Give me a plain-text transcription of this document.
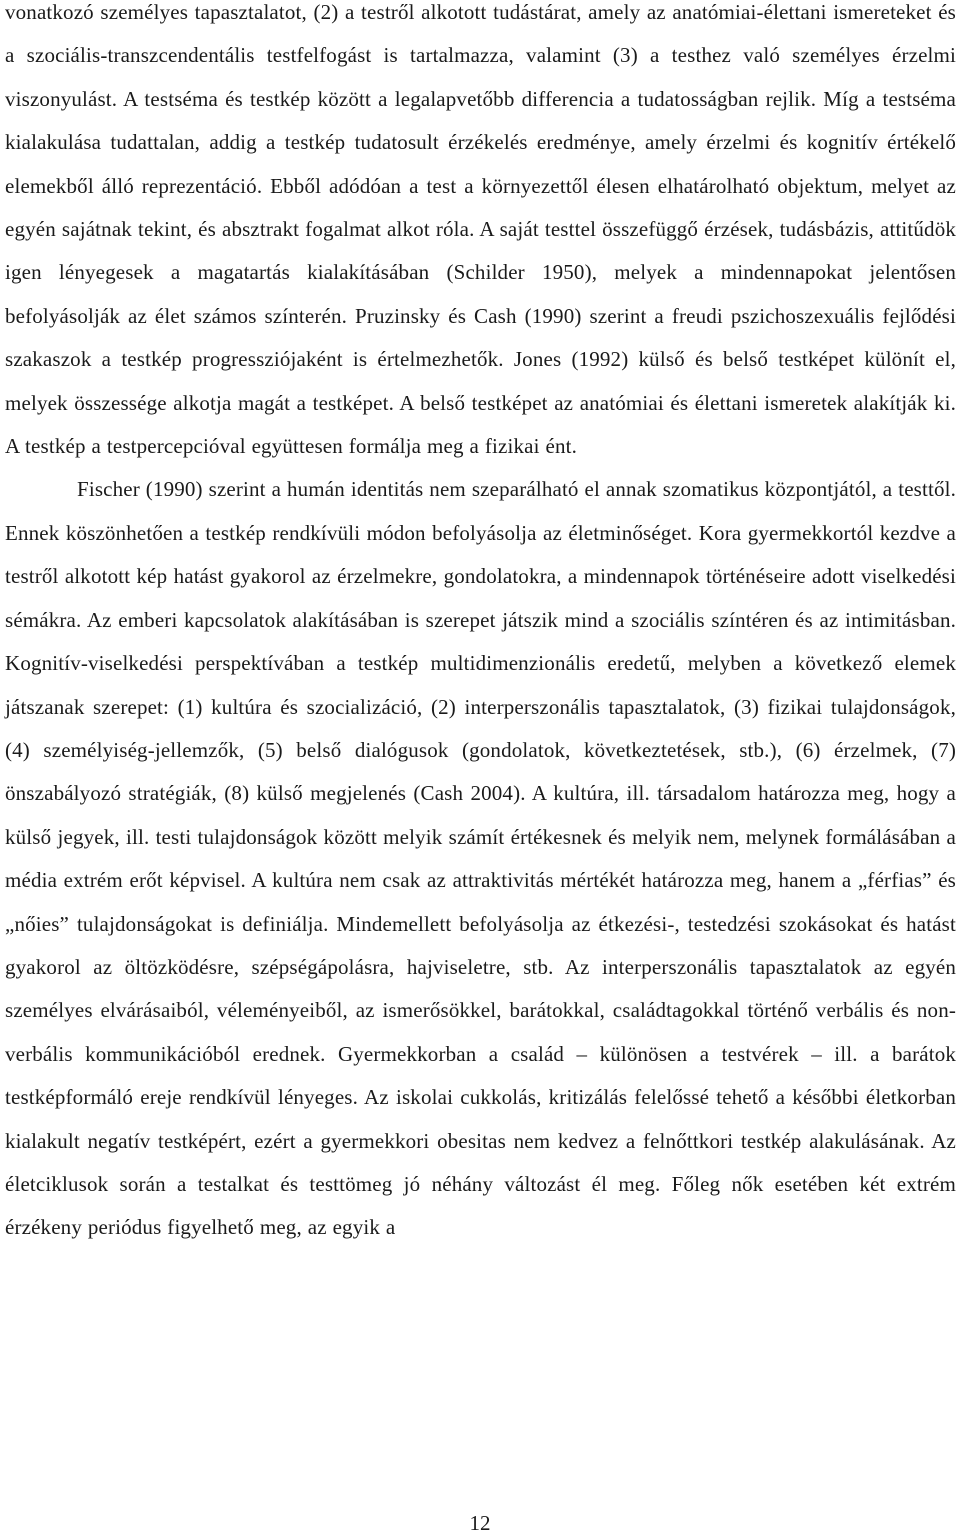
vonatkozó személyes tapasztalatot, (2) a testről alkotott tudástárat, amely az anatómiai-élettani ismereteket és a szociális-transzcendentális testfelfogást is tartalmazza, valamint (3) a testhez való személyes érzelmi viszonyulást. A testséma és testkép között a legalapvetőbb differencia a tudatosságban rejlik. Míg a testséma kialakulása tudattalan, addig a testkép tudatosult érzékelés eredménye, amely érzelmi és kognitív értékelő elemekből álló reprezentáció. Ebből adódóan a test a környezettől élesen elhatárolható objektum, melyet az egyén sajátnak tekint, és absztrakt fogalmat alkot róla. A saját testtel összefüggő érzések, tudásbázis, attitűdök igen lényegesek a magatartás kialakításában (Schilder 1950), melyek a mindennapokat jelentősen befolyásolják az élet számos színterén. Pruzinsky és Cash (1990) szerint a freudi pszichoszexuális fejlődési szakaszok a testkép progressziójaként is értelmezhetők. Jones (1992) külső és belső testképet különít el, melyek összessége alkotja magát a testképet. A belső testképet az anatómiai és élettani ismeretek alakítják ki. A testkép a testpercepcióval együttesen formálja meg a fizikai ént.

Fischer (1990) szerint a humán identitás nem szeparálható el annak szomatikus központjától, a testtől. Ennek köszönhetően a testkép rendkívüli módon befolyásolja az életminőséget. Kora gyermekkortól kezdve a testről alkotott kép hatást gyakorol az érzelmekre, gondolatokra, a mindennapok történéseire adott viselkedési sémákra. Az emberi kapcsolatok alakításában is szerepet játszik mind a szociális színtéren és az intimitásban. Kognitív-viselkedési perspektívában a testkép multidimenzionális eredetű, melyben a következő elemek játszanak szerepet: (1) kultúra és szocializáció, (2) interperszonális tapasztalatok, (3) fizikai tulajdonságok, (4) személyiség-jellemzők, (5) belső dialógusok (gondolatok, következtetések, stb.), (6) érzelmek, (7) önszabályozó stratégiák, (8) külső megjelenés (Cash 2004). A kultúra, ill. társadalom határozza meg, hogy a külső jegyek, ill. testi tulajdonságok között melyik számít értékesnek és melyik nem, melynek formálásában a média extrém erőt képvisel. A kultúra nem csak az attraktivitás mértékét határozza meg, hanem a „férfias” és „nőies” tulajdonságokat is definiálja. Mindemellett befolyásolja az étkezési-, testedzési szokásokat és hatást gyakorol az öltözködésre, szépségápolásra, hajviseletre, stb. Az interperszonális tapasztalatok az egyén személyes elvárásaiból, véleményeiből, az ismerősökkel, barátokkal, családtagokkal történő verbális és non-verbális kommunikációból erednek. Gyermekkorban a család – különösen a testvérek – ill. a barátok testképformáló ereje rendkívül lényeges. Az iskolai cukkolás, kritizálás felelőssé tehető a későbbi életkorban kialakult negatív testképért, ezért a gyermekkori obesitas nem kedvez a felnőttkori testkép alakulásának. Az életciklusok során a testalkat és testtömeg jó néhány változást él meg. Főleg nők esetében két extrém érzékeny periódus figyelhető meg, az egyik a

12
